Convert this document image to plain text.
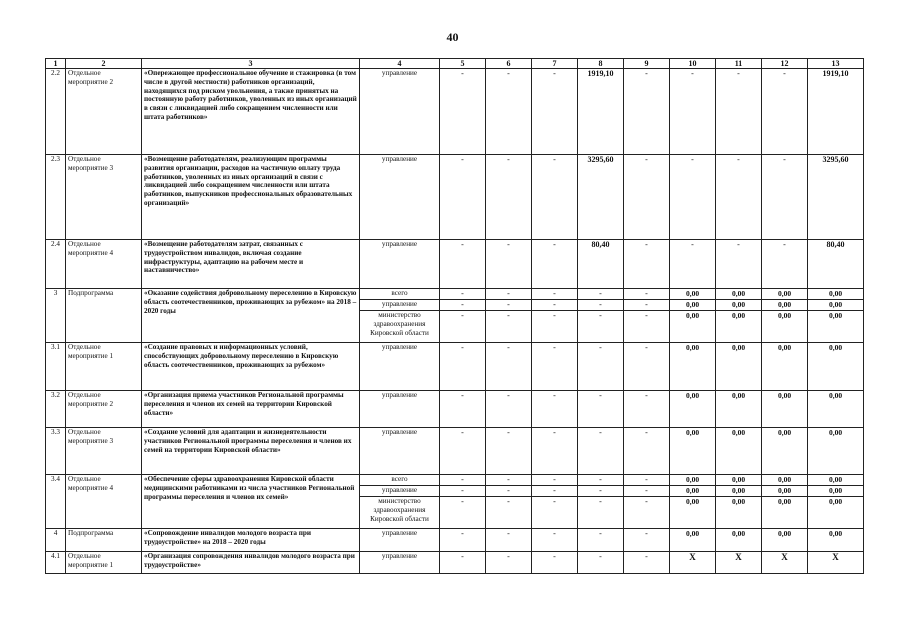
40
1	2	3	4	5	6	7	8	9	10	11	12	13
2.2	Отдельное мероприятие 2	«Опережающее профессиональное обучение и стажировка (в том числе в другой местности) работников организаций, находящихся под риском увольнения, а также принятых на постоянную работу работников, уволенных из иных организаций в связи с ликвидацией либо сокращением численности или штата работников»	управление	-	-	-	1919,10	-	-	-	-	1919,10
2.3	Отдельное мероприятие 3	«Возмещение работодателям, реализующим программы развития организации, расходов на частичную оплату труда работников, уволенных из иных организаций в связи с ликвидацией либо сокращением численности или штата работников, выпускников профессиональных образовательных организаций»	управление	-	-	-	3295,60	-	-	-	-	3295,60
2.4	Отдельное мероприятие 4	«Возмещение работодателям затрат, связанных с трудоустройством инвалидов, включая создание инфраструктуры, адаптацию на рабочем месте и наставничество»	управление	-	-	-	80,40	-	-	-	-	80,40
3	Подпрограмма	«Оказание содействия добровольному переселению в Кировскую область соотечественников, проживающих за рубежом» на 2018 – 2020 годы	всего	-	-	-	-	-	0,00	0,00	0,00	0,00
			управление	-	-	-	-	-	0,00	0,00	0,00	0,00
			министерство здравоохранения Кировской области	-	-	-	-	-	0,00	0,00	0,00	0,00
3.1	Отдельное мероприятие 1	«Создание правовых и информационных условий, способствующих добровольному переселению в Кировскую область соотечественников, проживающих за рубежом»	управление	-	-	-	-	-	0,00	0,00	0,00	0,00
3.2	Отдельное мероприятие 2	«Организация приема участников Региональной программы переселения и членов их семей на территории Кировской области»	управление	-	-	-	-	-	0,00	0,00	0,00	0,00
3.3	Отдельное мероприятие 3	«Создание условий для адаптации и жизнедеятельности участников Региональной программы переселения и членов их семей на территории Кировской области»	управление	-	-	-	-	-	0,00	0,00	0,00	0,00
3.4	Отдельное мероприятие 4	«Обеспечение сферы здравоохранения Кировской области медицинскими работниками из числа участников Региональной программы переселения и членов их семей»	всего	-	-	-	-	-	0,00	0,00	0,00	0,00
			управление	-	-	-	-	-	0,00	0,00	0,00	0,00
			министерство здравоохранения Кировской области	-	-	-	-	-	0,00	0,00	0,00	0,00
4	Подпрограмма	«Сопровождение инвалидов молодого возраста при трудоустройстве» на 2018 – 2020 годы	управление	-	-	-	-	-	0,00	0,00	0,00	0,00
4.1	Отдельное мероприятие 1	«Организация сопровождения инвалидов молодого возраста при трудоустройстве»	управление	-	-	-	-	-	X	X	X	X
